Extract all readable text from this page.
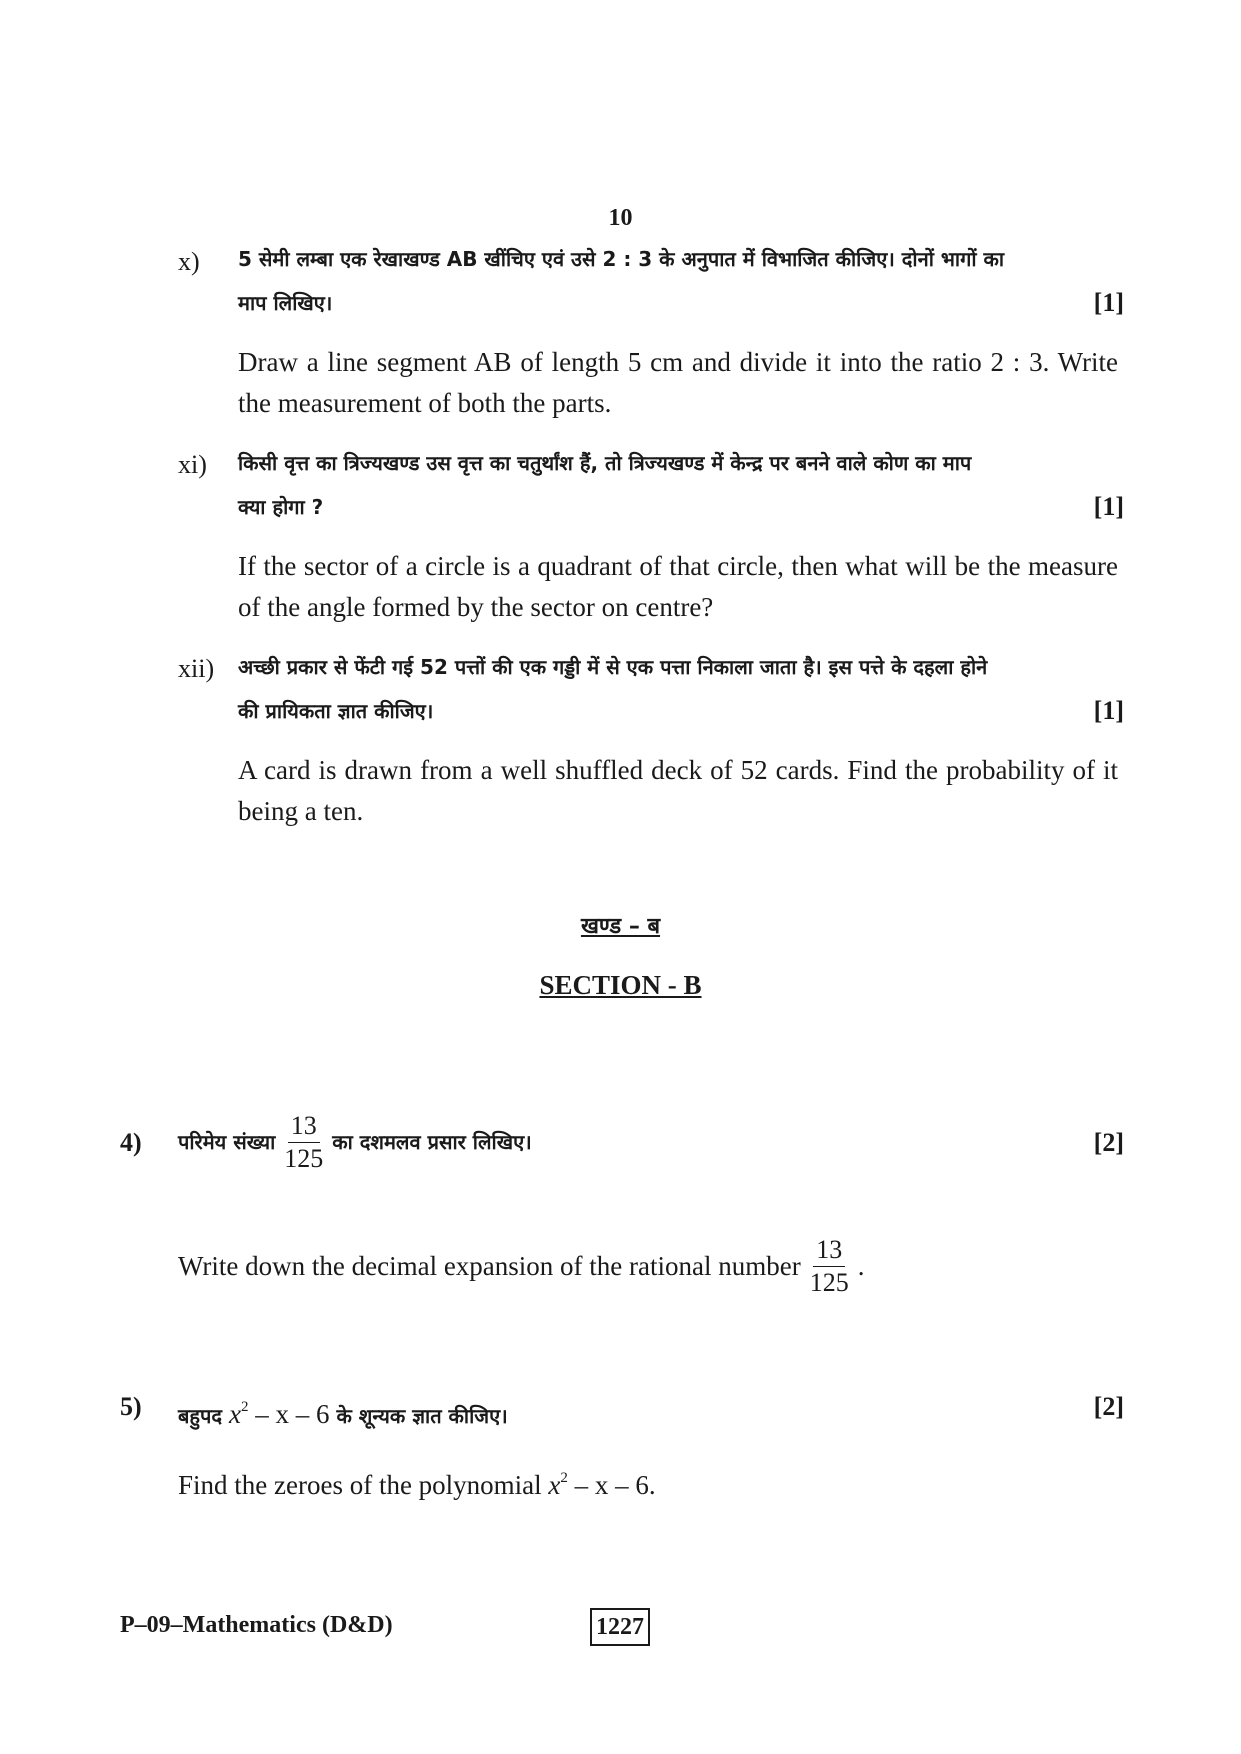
10
x) 5 सेमी लम्बा एक रेखाखण्ड AB खींचिए एवं उसे 2 : 3 के अनुपात में विभाजित कीजिए। दोनों भागों का
माप लिखिए।	[1]
Draw a line segment AB of length 5 cm and divide it into the ratio 2 : 3. Write the measurement of both the parts.
xi) किसी वृत्त का त्रिज्यखण्ड उस वृत्त का चतुर्थांश हैं, तो त्रिज्यखण्ड में केन्द्र पर बनने वाले कोण का माप
क्या होगा ?	[1]
If the sector of a circle is a quadrant of that circle, then what will be the measure of the angle formed by the sector on centre?
xii) अच्छी प्रकार से फेंटी गई 52 पत्तों की एक गड्डी में से एक पत्ता निकाला जाता है। इस पत्ते के दहला होने
की प्रायिकता ज्ञात कीजिए।	[1]
A card is drawn from a well shuffled deck of 52 cards. Find the probability of it being a ten.
खण्ड – ब
SECTION - B
4) परिमेय संख्या $\frac{13}{125}$ का दशमलव प्रसार लिखिए।	[2]
Write down the decimal expansion of the rational number $\frac{13}{125}$ .
5) बहुपद $x^2$ – x – 6 के शून्यक ज्ञात कीजिए।	[2]
Find the zeroes of the polynomial $x^2$ – x – 6.
P–09–Mathematics (D&D)	1227
